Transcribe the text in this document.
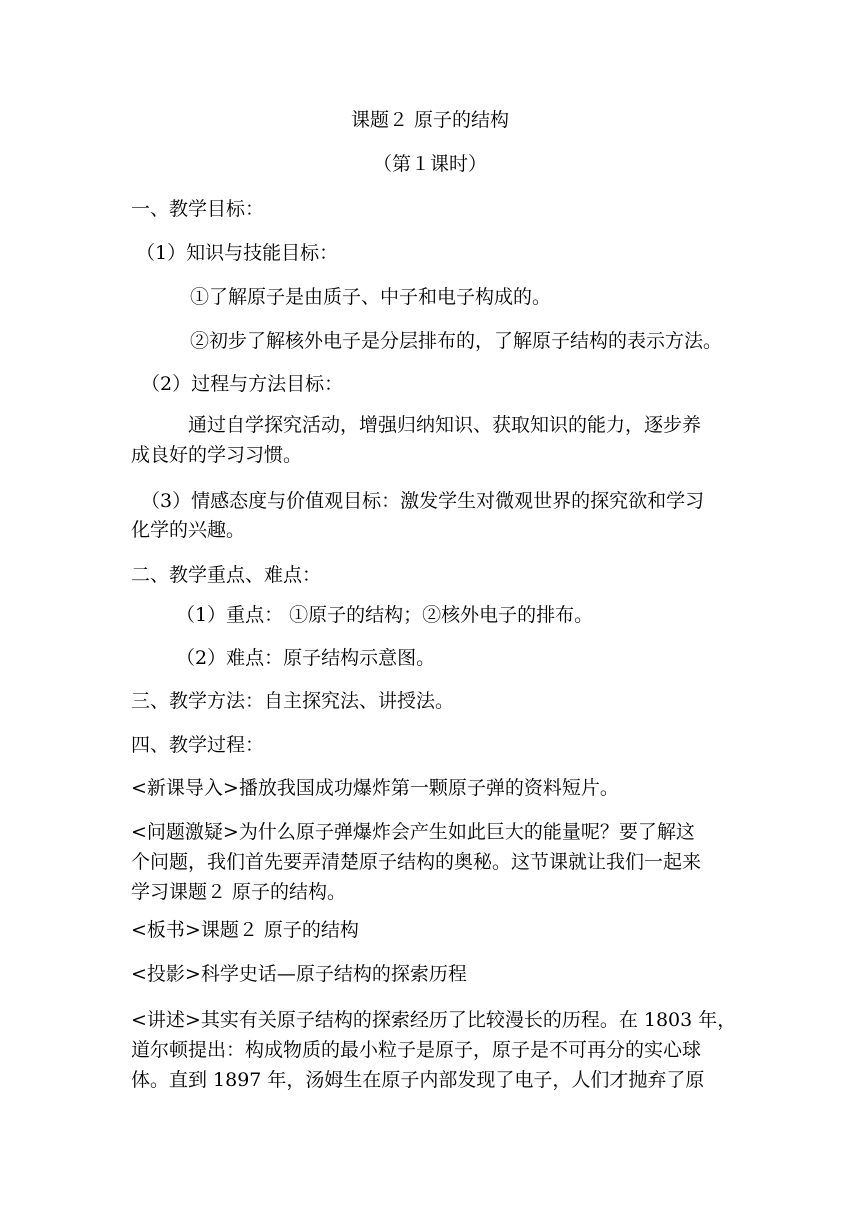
课题２ 原子的结构
（第１课时）
一、教学目标：
（1）知识与技能目标：
①了解原子是由质子、中子和电子构成的。
②初步了解核外电子是分层排布的，了解原子结构的表示方法。
（2）过程与方法目标：
通过自学探究活动，增强归纳知识、获取知识的能力，逐步养
成良好的学习习惯。
（3）情感态度与价值观目标：激发学生对微观世界的探究欲和学习
化学的兴趣。
二、教学重点、难点：
（1）重点： ①原子的结构；②核外电子的排布。
（2）难点：原子结构示意图。
三、教学方法：自主探究法、讲授法。
四、教学过程：
<新课导入>播放我国成功爆炸第一颗原子弹的资料短片。
<问题激疑>为什么原子弹爆炸会产生如此巨大的能量呢？要了解这
个问题，我们首先要弄清楚原子结构的奥秘。这节课就让我们一起来
学习课题２ 原子的结构。
<板书>课题２ 原子的结构
<投影>科学史话—原子结构的探索历程
<讲述>其实有关原子结构的探索经历了比较漫长的历程。在 1803 年，
道尔顿提出：构成物质的最小粒子是原子，原子是不可再分的实心球
体。直到 1897 年，汤姆生在原子内部发现了电子，人们才抛弃了原
